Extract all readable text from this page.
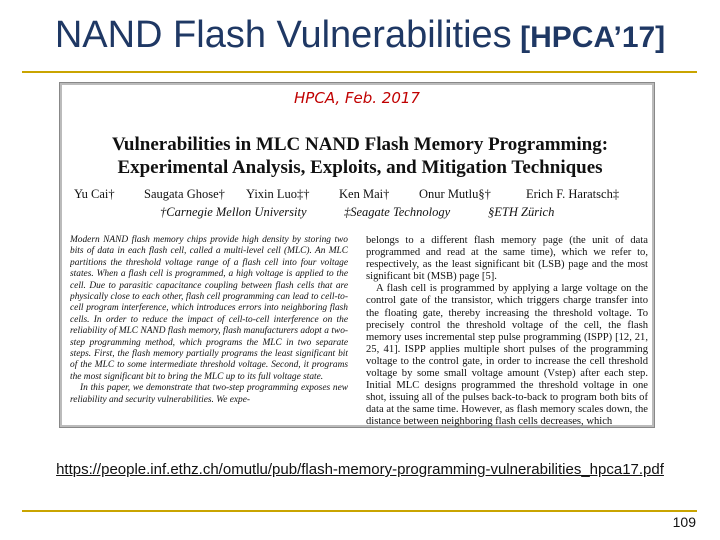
NAND Flash Vulnerabilities [HPCA’17]
HPCA, Feb. 2017
Vulnerabilities in MLC NAND Flash Memory Programming:
Experimental Analysis, Exploits, and Mitigation Techniques
Yu Cai† Saugata Ghose† Yixin Luo‡† Ken Mai† Onur Mutlu§†	Erich F. Haratsch‡
†Carnegie Mellon University	‡Seagate Technology	§ETH Zürich

Modern NAND flash memory chips provide high density by storing two bits of data in each flash cell, called a multi-level cell (MLC). An MLC partitions the threshold voltage range of a flash cell into four voltage states. When a flash cell is programmed, a high voltage is applied to the cell. Due to parasitic capacitance coupling between flash cells that are physically close to each other, flash cell programming can lead to cell-to-cell program interference, which introduces errors into neighboring flash cells. In order to reduce the impact of cell-to-cell interference on the reliability of MLC NAND flash memory, flash manufacturers adopt a two-step programming method, which programs the MLC in two separate steps. First, the flash memory partially programs the least significant bit of the MLC to some intermediate threshold voltage. Second, it programs the most significant bit to bring the MLC up to its full voltage state.

In this paper, we demonstrate that two-step programming exposes new reliability and security vulnerabilities. We expe-

belongs to a different flash memory page (the unit of data programmed and read at the same time), which we refer to, respectively, as the least significant bit (LSB) page and the most significant bit (MSB) page [5].

A flash cell is programmed by applying a large voltage on the control gate of the transistor, which triggers charge transfer into the floating gate, thereby increasing the threshold voltage. To precisely control the threshold voltage of the cell, the flash memory uses incremental step pulse programming (ISPP) [12, 21, 25, 41]. ISPP applies multiple short pulses of the programming voltage to the control gate, in order to increase the cell threshold voltage by some small voltage amount (Vstep) after each step. Initial MLC designs programmed the threshold voltage in one shot, issuing all of the pulses back-to-back to program both bits of data at the same time. However, as flash memory scales down, the distance between neighboring flash cells decreases, which

https://people.inf.ethz.ch/omutlu/pub/flash-memory-programming-vulnerabilities_hpca17.pdf
109
